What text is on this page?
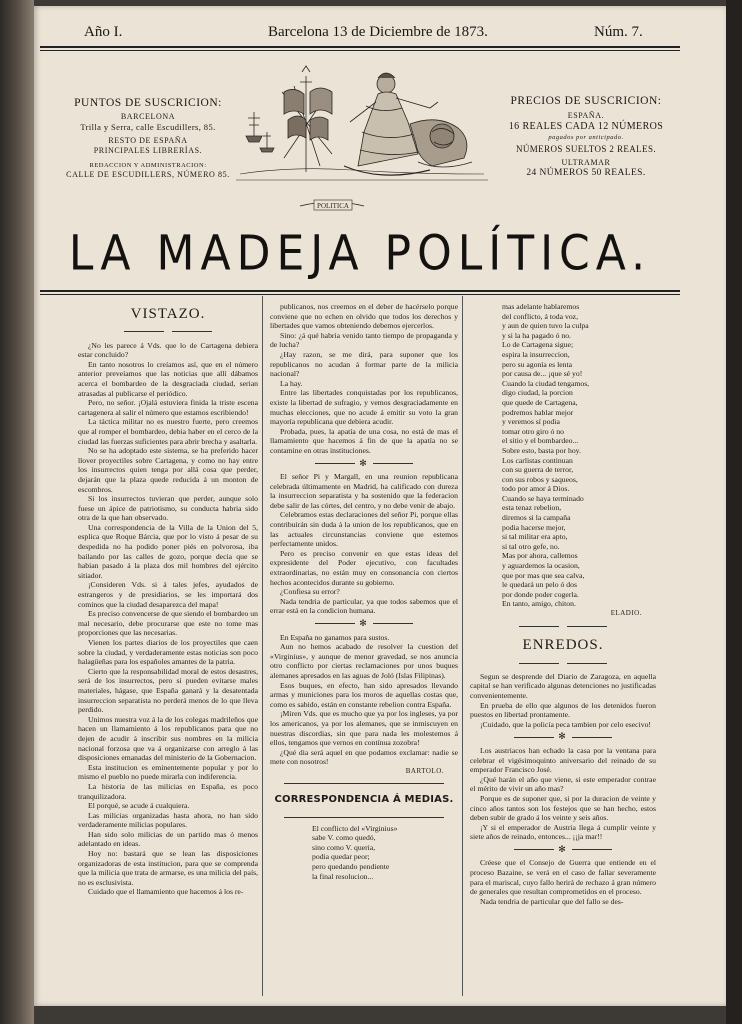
Año I.	Barcelona 13 de Diciembre de 1873.	Núm. 7.
PUNTOS DE SUSCRICION:
BARCELONA
Trilla y Serra, calle Escudillers, 85.
RESTO DE ESPAÑA
PRINCIPALES LIBRERÍAS.
REDACCION Y ADMINISTRACION:
CALLE DE ESCUDILLERS, NÚMERO 85.
PRECIOS DE SUSCRICION:
ESPAÑA.
16 REALES CADA 12 NÚMEROS
pagados por anticipado.
NÚMEROS SUELTOS 2 REALES.
ULTRAMAR
24 NÚMEROS 50 REALES.
POLITICA
LA MADEJA POLÍTICA.

VISTAZO.

¿No les parece á Vds. que lo de Cartagena debiera estar concluido?

En tanto nosotros lo creíamos así, que en el número anterior preveíamos que las noticias que allí dábamos acerca el bombardeo de la desgraciada ciudad, serian atrasadas al publicarse el periódico.

Pero, no señor. ¡Ojalá estuviera finida la triste escena cartagenera al salir el número que estamos escribiendo!

La táctica militar no es nuestro fuerte, pero creemos que al romper el bombardeo, debia haber en el cerco de la ciudad las fuerzas suficientes para abrir brecha y asaltarla.

No se ha adoptado este sistema, se ha preferido hacer llover proyectiles sobre Cartagena, y como no hay entre los insurrectos quien tenga por allá cosa que perder, dejarán que la plaza quede reducida á un monton de escombros.

Si los insurrectos tuvieran que perder, aunque solo fuese un ápice de patriotismo, su conducta habria sido otra de la que han observado.

Una correspondencia de la Villa de la Union del 5, esplica que Roque Bárcia, que por lo visto á pesar de su despedida no ha podido poner piés en polvorosa, iba bailando por las calles de gozo, porque decia que se habian pasado á la plaza dos mil hombres del ejército sitiador.

¡Consideren Vds. si á tales jefes, ayudados de estrangeros y de presidiarios, se les importará dos cominos que la ciudad desaparezca del mapa!

Es preciso convencerse de que siendo el bombardeo un mal necesario, debe procurarse que este no tome mas proporciones que las necesarias.

Vienen los partes diarios de los proyectiles que caen sobre la ciudad, y verdaderamente estas noticias son poco halagüeñas para los españoles amantes de la patria.

Cierto que la responsabilidad moral de estos desastres, será de los insurrectos, pero si pueden evitarse males materiales, hágase, que España ganará y la desatentada insurreccion separatista no perderá menos de lo que lleva perdido.

Unimos nuestra voz á la de los colegas madrileños que hacen un llamamiento á los republicanos para que no dejen de acudir á inscribir sus nombres en la milicia nacional forzosa que va á organizarse con arreglo á las disposiciones emanadas del ministerio de la Gobernacion.

Esta institucion es eminentemente popular y por lo mismo el pueblo no puede mirarla con indiferencia.

La historia de las milicias en España, es poco tranquilizadora.

El porqué, se acude á cualquiera.

Las milicias organizadas hasta ahora, no han sido verdaderamente milicias populares.

Han sido solo milicias de un partido mas ó menos adelantado en ideas.

Hoy no: bastará que se lean las disposiciones organizadoras de esta institucion, para que se comprenda que la milicia que trata de armarse, es una milicia del país, no es esclusivista.

Cuidado que el llamamiento que hacemos á los re-

publicanos, nos creemos en el deber de hacérselo porque conviene que no echen en olvido que todos los derechos y libertades que vamos obteniendo debemos ejercerlos.

Sino: ¿á qué habria venido tanto tiempo de propaganda y de lucha?

¿Hay razon, se me dirá, para suponer que los republicanos no acudan á formar parte de la milicia nacional?

La hay.

Entre las libertades conquistadas por los republicanos, existe la libertad de sufragio, y vemos desgraciadamente en muchas elecciones, que no acude á emitir su voto la gran mayoría republicana que debiera acudir.

Probada, pues, la apatía de una cosa, no está de mas el llamamiento que hacemos á fin de que la apatía no se contamine en otras instituciones.

✻

El señor Pi y Margall, en una reunion republicana celebrada últimamente en Madrid, ha calificado con dureza la insurreccion separatista y ha sostenido que la federacion debe salir de las córtes, del centro, y no debe venir de abajo.

Celebramos estas declaraciones del señor Pi, porque ellas contribuirán sin duda á la union de los republicanos, que en las actuales circunstancias conviene que estemos perfectamente unidos.

Pero es preciso convenir en que estas ideas del expresidente del Poder ejecutivo, con facultades extraordinarias, no están muy en consonancia con ciertos hechos acontecidos durante su gobierno.

¿Confiesa su error?

Nada tendria de particular, ya que todos sabemos que el errar está en la condicion humana.

✻

En España no ganamos para sustos.

Aun no hemos acabado de resolver la cuestion del «Virginius», y aunque de menor gravedad, se nos anuncia otro conflicto por ciertas reclamaciones por unos buques alemanes apresados en las aguas de Joló (Islas Filipinas).

Esos buques, en efecto, han sido apresados llevando armas y municiones para los moros de aquellas costas que, como es sabido, están en constante rebelion contra España.

¡Miren Vds. que es mucho que ya por los ingleses, ya por los americanos, ya por los alemanes, que se inmiscuyen en nuestras discordias, sin que para nada les molestemos á ellos, tengamos que vernos en contínua zozobra!

¿Qué dia será aquel en que podamos exclamar: nadie se mete con nosotros!

BARTOLO.

CORRESPONDENCIA Á MEDIAS.

El conflicto del «Virginius»

sabe V. como quedó,

sino como V. queria,

podia quedar peor;

pero quedando pendiente

la final resolucion...

mas adelante hablaremos

del conflicto, á toda voz,

y aun de quien tuvo la culpa

y si la ha pagado ó no.

Lo de Cartagena sigue;

espira la insurreccion,

pero su agonía es lenta

por causa de... ¡que sé yo!

Cuando la ciudad tengamos,

digo ciudad, la porcion

que quede de Cartagena,

podremos hablar mejor

y veremos sí podia

tomar otro giro ó no

el sitio y el bombardeo...

Sobre esto, basta por hoy.

Los carlistas continuan

con su guerra de terror,

con sus robos y saqueos,

todo por amor á Dios.

Cuando se haya terminado

esta tenaz rebelion,

diremos si la campaña

podia hacerse mejor,

si tal militar era apto,

si tal otro gefe, no.

Mas por ahora, callemos

y aguardemos la ocasion,

que por mas que sea calva,

le quedará un pelo ó dos

por donde poder cogerla.

En tanto, amigo, chiton.

ELADIO.

ENREDOS.

Segun se desprende del Diario de Zaragoza, en aquella capital se han verificado algunas detenciones no justificadas convenientemente.

En prueba de ello que algunos de los detenidos fueron puestos en libertad prontamente.

¡Cuidado, que la policía peca tambien por celo esecivo!

✻

Los austriacos han echado la casa por la ventana para celebrar el vigésimoquinto aniversario del reinado de su emperador Francisco José.

¿Qué harán el año que viene, si este emperador contrae el mérito de vivir un año mas?

Porque es de suponer que, si por la duracion de veinte y cinco años tantos son los festejos que se han hecho, estos deben subir de grado á los veinte y seis años.

¡Y si el emperador de Austria llega á cumplir veinte y siete años de reinado, entonces... ¡¡ja mar!!

✻

Créese que el Consejo de Guerra que entiende en el proceso Bazaine, se verá en el caso de fallar severamente para el mariscal, cuyo fallo herirá de rechazo á gran número de generales que resultan comprometidos en el proceso.

Nada tendria de particular que del fallo se des-
